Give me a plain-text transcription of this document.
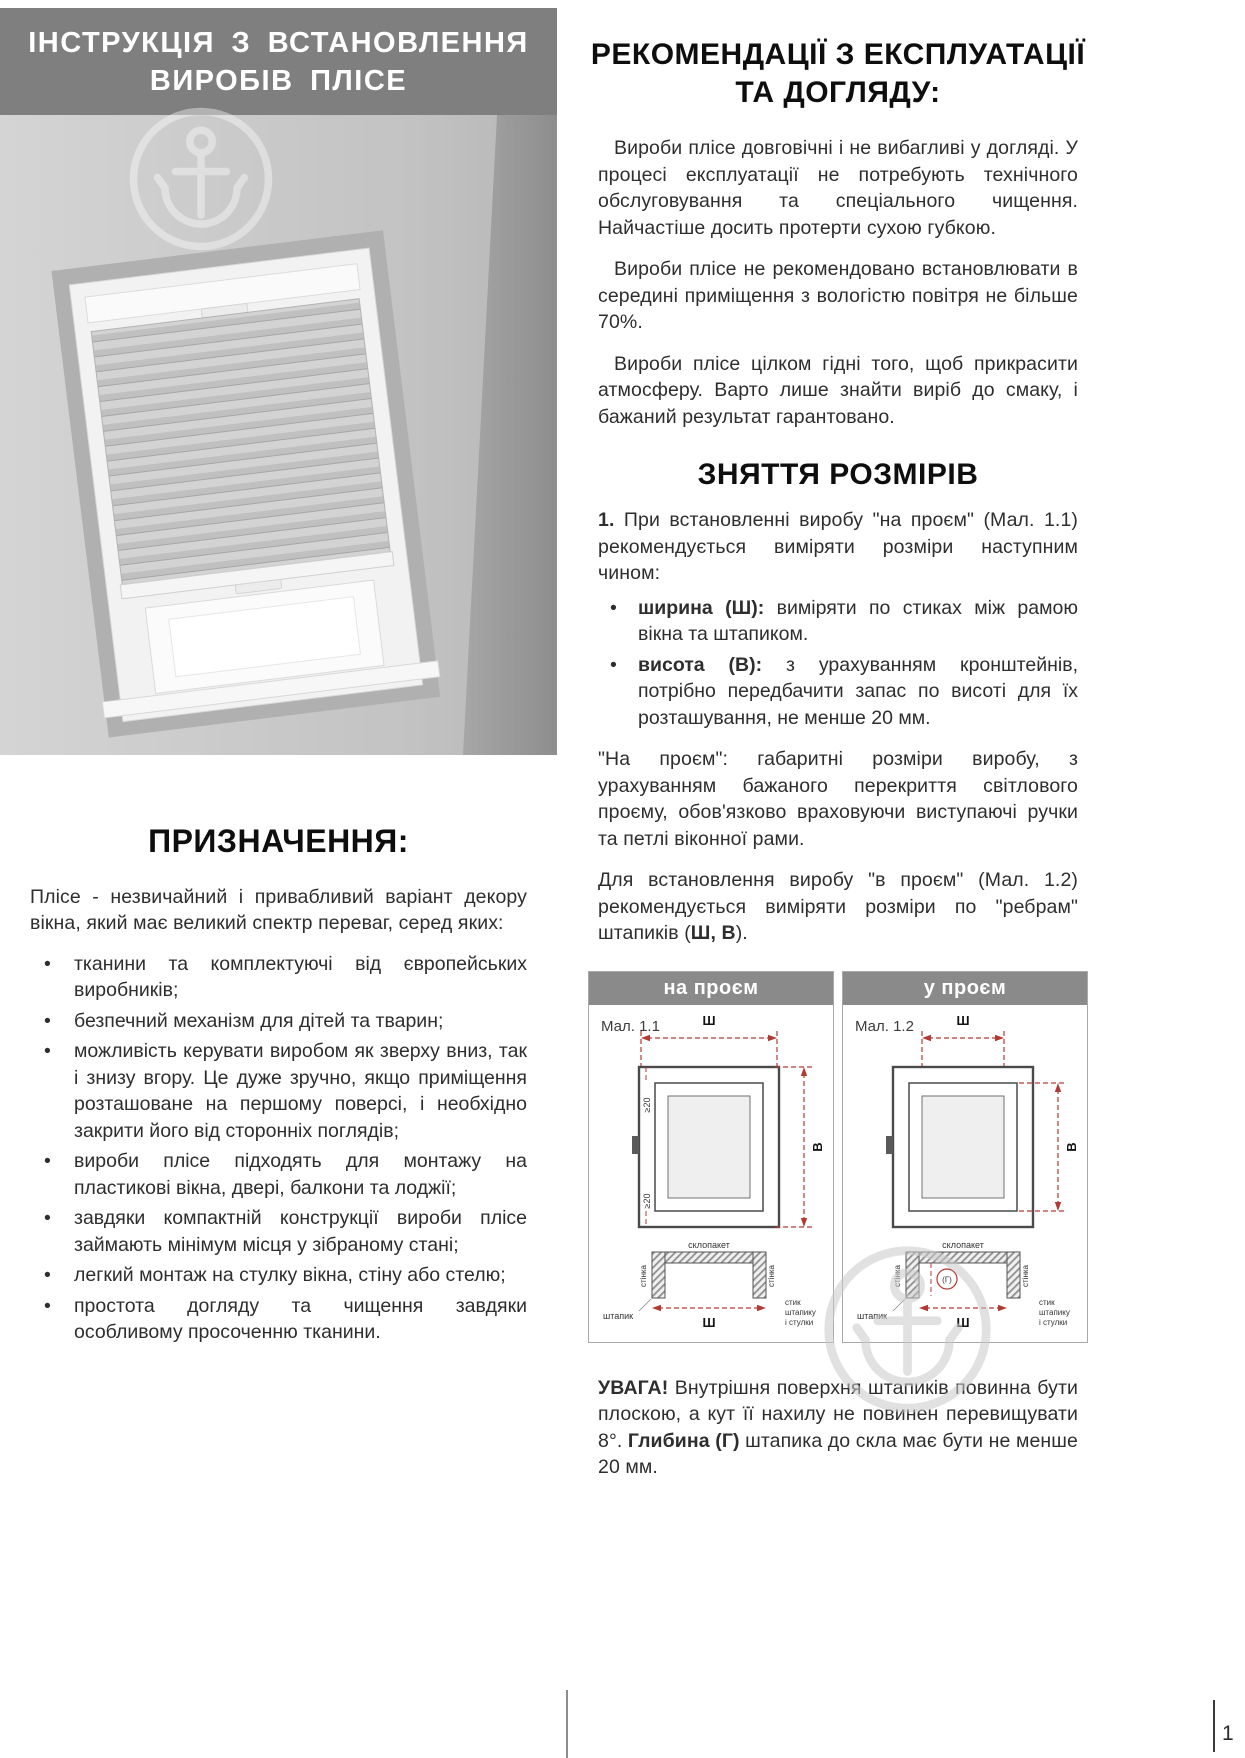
ІНСТРУКЦІЯ З ВСТАНОВЛЕННЯ
ВИРОБІВ ПЛІСЕ
ПРИЗНАЧЕННЯ:

Плісе - незвичайний і привабливий варіант декору вікна, який має великий спектр переваг, серед яких:

• тканини та комплектуючі від європейських виробників;
• безпечний механізм для дітей та тварин;
• можливість керувати виробом як зверху вниз, так і знизу вгору. Це дуже зручно, якщо приміщення розташоване на першому поверсі, і необхідно закрити його від сторонніх поглядів;
• вироби плісе підходять для монтажу на пластикові вікна, двері, балкони та лоджії;
• завдяки компактній конструкції вироби плісе займають мінімум місця у зібраному стані;
• легкий монтаж на стулку вікна, стіну або стелю;
• простота догляду та чищення завдяки особливому просоченню тканини.
РЕКОМЕНДАЦІЇ З ЕКСПЛУАТАЦІЇ
ТА ДОГЛЯДУ:

Вироби плісе довговічні і не вибагливі у догляді. У процесі експлуатації не потребують технічного обслуговування та спеціального чищення. Найчастіше досить протерти сухою губкою.

Вироби плісе не рекомендовано встановлювати в середині приміщення з вологістю повітря не більше 70%.

Вироби плісе цілком гідні того, щоб прикрасити атмосферу. Варто лише знайти виріб до смаку, і бажаний результат гарантовано.

ЗНЯТТЯ РОЗМІРІВ

1. При встановленні виробу "на проєм" (Мал. 1.1) рекомендується виміряти розміри наступним чином:

• ширина (Ш): виміряти по стиках між рамою вікна та штапиком.
• висота (В): з урахуванням кронштейнів, потрібно передбачити запас по висоті для їх розташування, не менше 20 мм.

"На проєм": габаритні розміри виробу, з урахуванням бажаного перекриття світлового проєму, обов'язково враховуючи виступаючі ручки та петлі віконної рами.

Для встановлення виробу "в проєм" (Мал. 1.2) рекомендується виміряти розміри по "ребрам" штапиків (Ш, В).

на проєм
Мал. 1.1	Ш
≥20
≥20
В
склопакет
стінка	стінка
штапик	Ш
стик
штапику
і стулки
у проєм
Мал. 1.2	Ш
В
склопакет
стінка	стінка
штапик
(Г)
Ш
стик
штапику
і стулки

УВАГА! Внутрішня поверхня штапиків повинна бути плоскою, а кут її нахилу не повинен перевищувати 8°. Глибина (Г) штапика до скла має бути не менше 20 мм.

1
